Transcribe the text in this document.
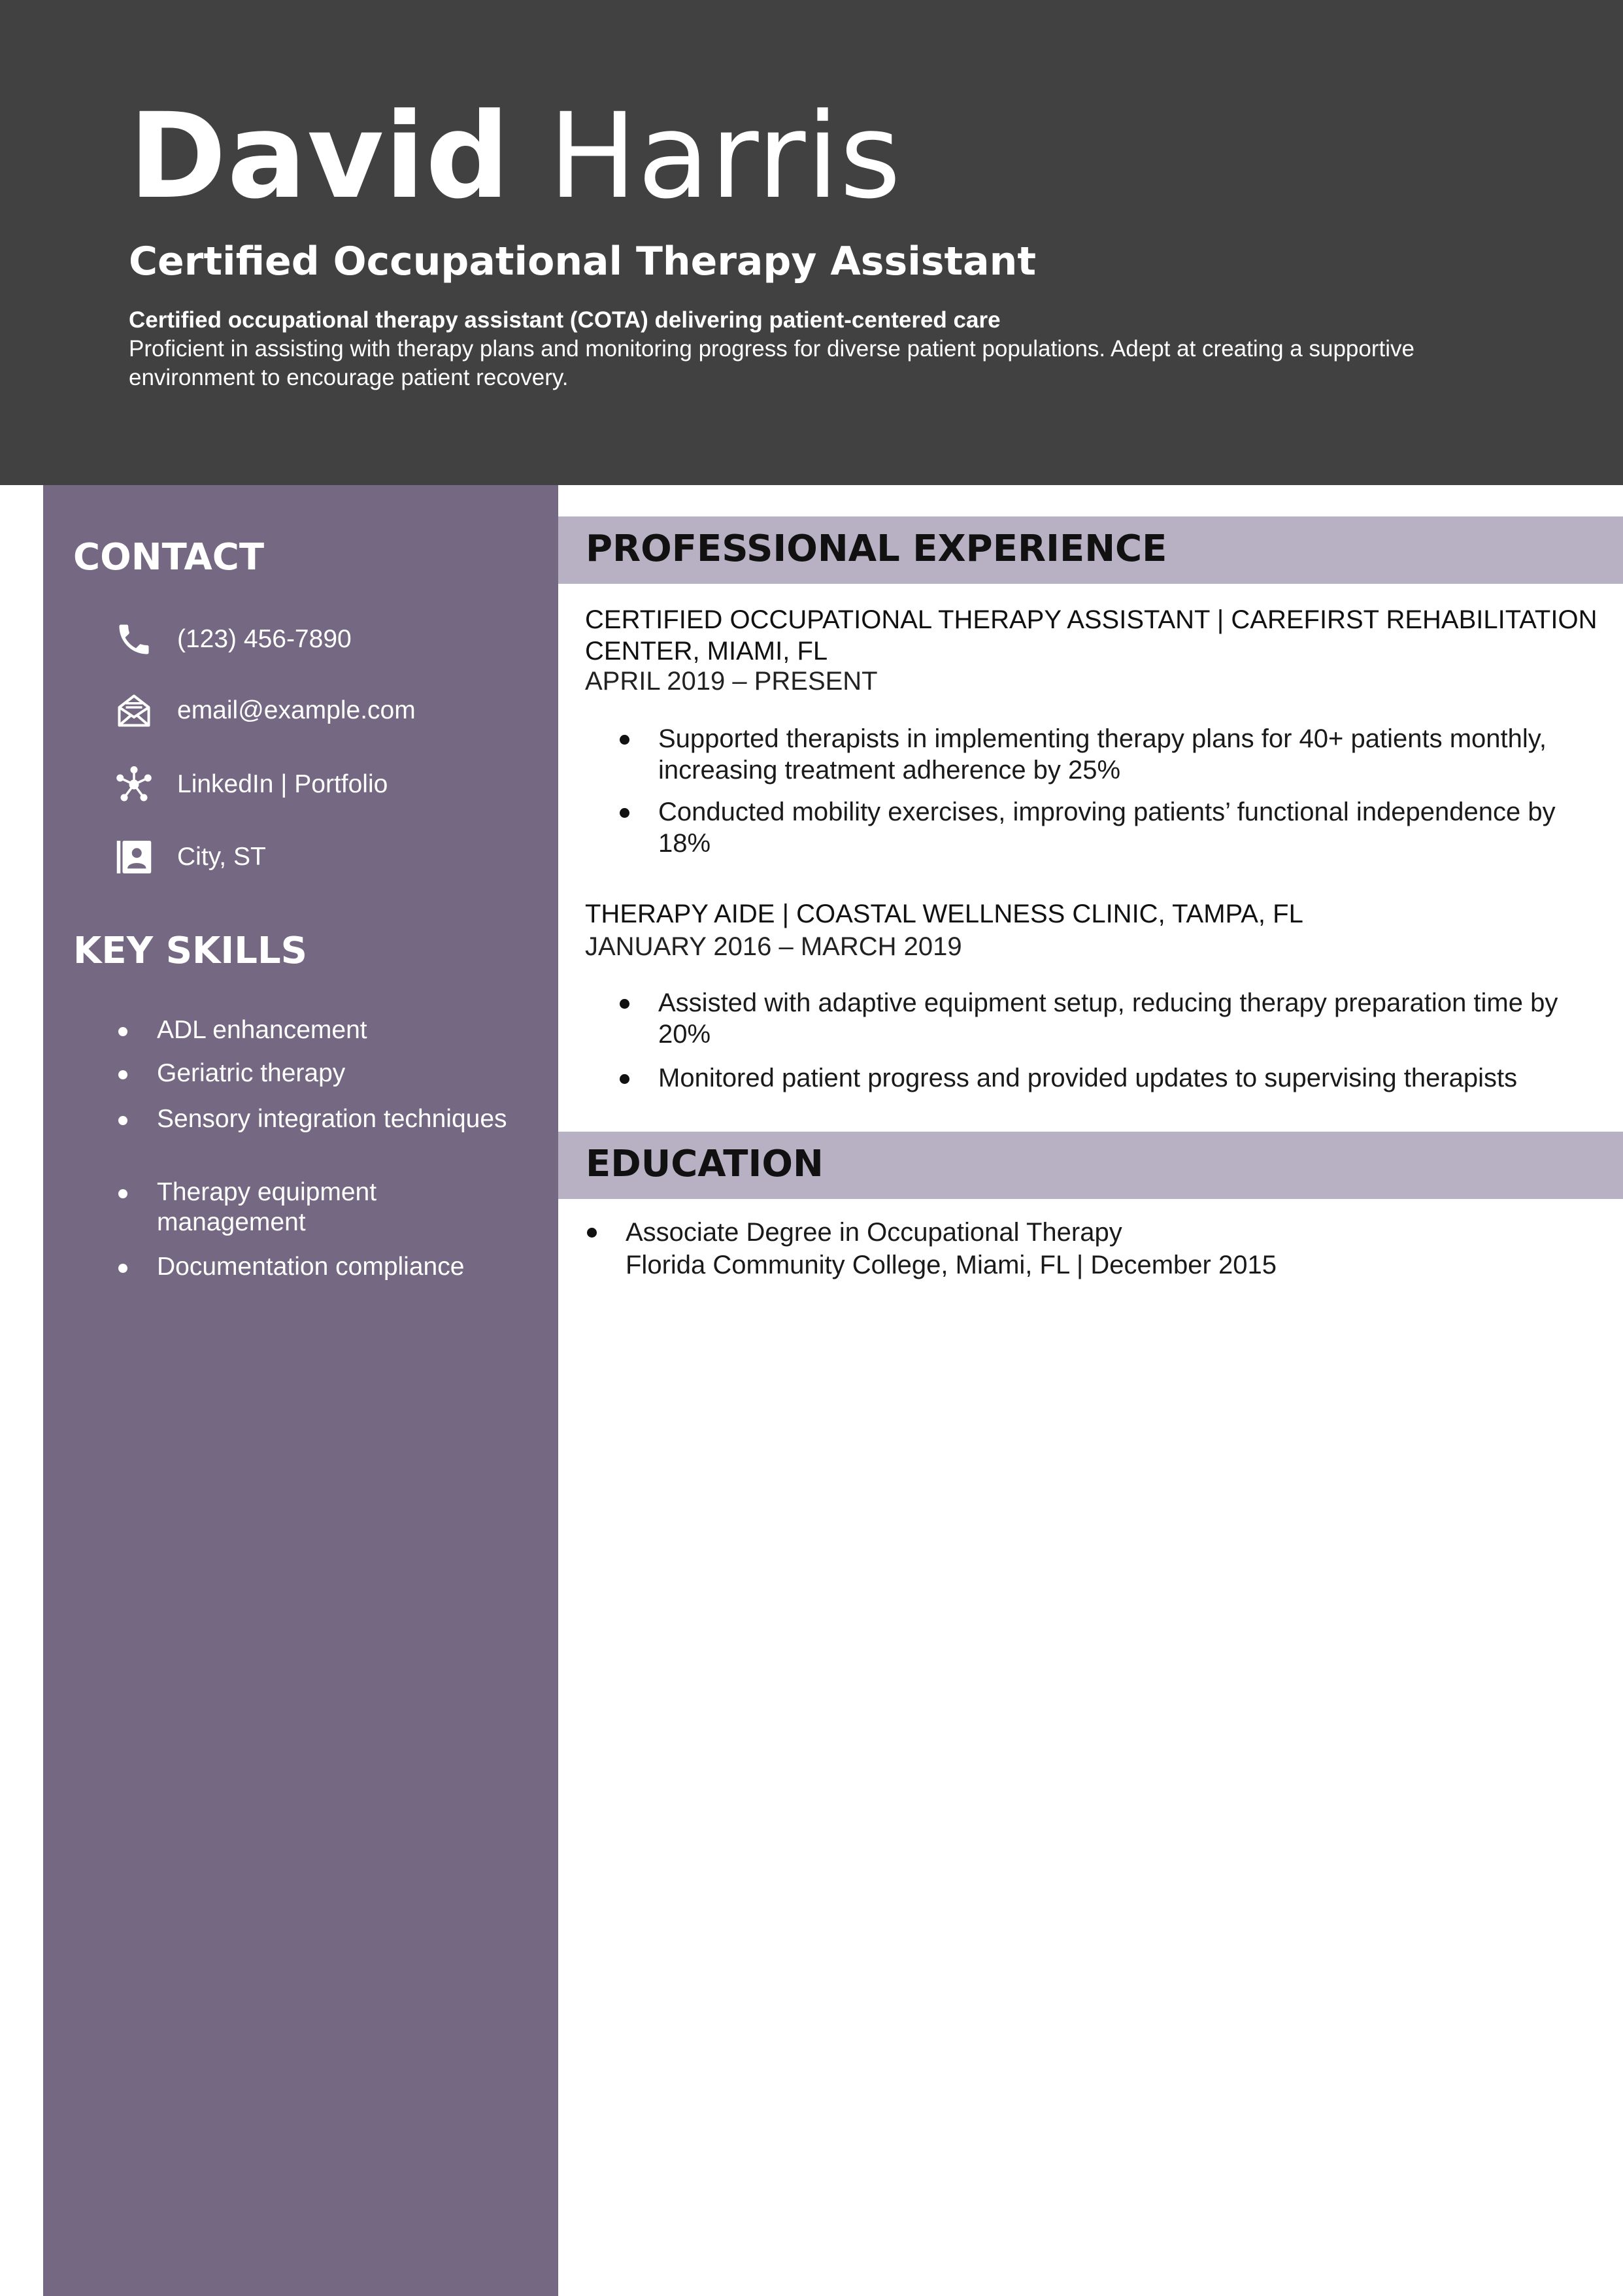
David Harris
Certified Occupational Therapy Assistant
Certified occupational therapy assistant (COTA) delivering patient-centered care
Proficient in assisting with therapy plans and monitoring progress for diverse patient populations. Adept at creating a supportive environment to encourage patient recovery.
CONTACT
(123) 456-7890
email@example.com
LinkedIn | Portfolio
City, ST
KEY SKILLS
ADL enhancement
Geriatric therapy
Sensory integration techniques
Therapy equipment management
Documentation compliance
PROFESSIONAL EXPERIENCE
CERTIFIED OCCUPATIONAL THERAPY ASSISTANT | CAREFIRST REHABILITATION CENTER, MIAMI, FL
APRIL 2019 – PRESENT
Supported therapists in implementing therapy plans for 40+ patients monthly, increasing treatment adherence by 25%
Conducted mobility exercises, improving patients’ functional independence by 18%
THERAPY AIDE | COASTAL WELLNESS CLINIC, TAMPA, FL
JANUARY 2016 – MARCH 2019
Assisted with adaptive equipment setup, reducing therapy preparation time by 20%
Monitored patient progress and provided updates to supervising therapists
EDUCATION
Associate Degree in Occupational Therapy
Florida Community College, Miami, FL | December 2015
